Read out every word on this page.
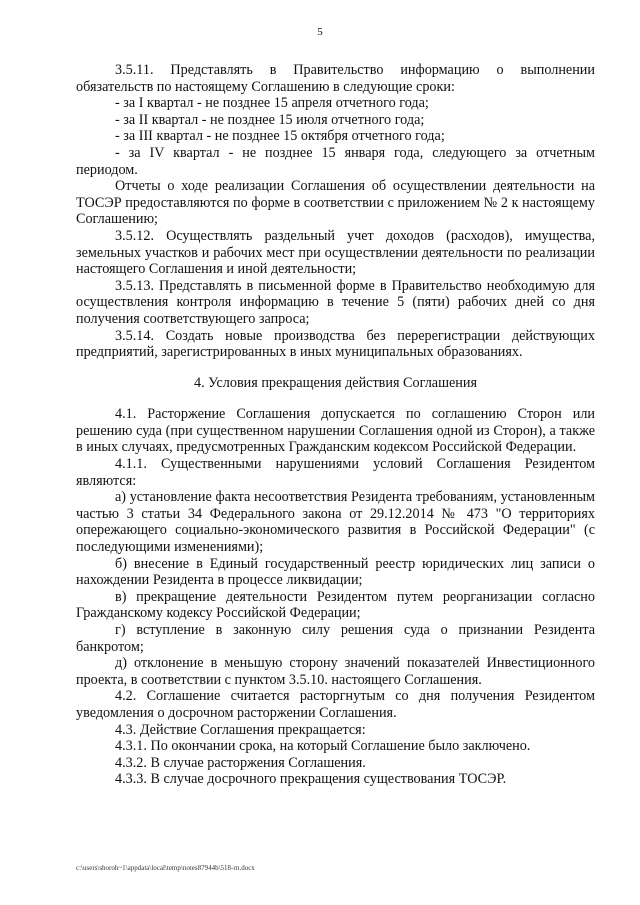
5

3.5.11. Представлять в Правительство информацию о выполнении обязательств по настоящему Соглашению в следующие сроки:

- за I квартал - не позднее 15 апреля отчетного года;

- за II квартал - не позднее 15 июля отчетного года;

- за III квартал - не позднее 15 октября отчетного года;

- за IV квартал - не позднее 15 января года, следующего за отчетным периодом.

Отчеты о ходе реализации Соглашения об осуществлении деятельности на ТОСЭР предоставляются по форме в соответствии с приложением № 2 к настоящему Соглашению;

3.5.12. Осуществлять раздельный учет доходов (расходов), имущества, земельных участков и рабочих мест при осуществлении деятельности по реализации настоящего Соглашения и иной деятельности;

3.5.13. Представлять в письменной форме в Правительство необходимую для осуществления контроля информацию в течение 5 (пяти) рабочих дней со дня получения соответствующего запроса;

3.5.14. Создать новые производства без перерегистрации действующих предприятий, зарегистрированных в иных муниципальных образованиях.

4. Условия прекращения действия Соглашения

4.1. Расторжение Соглашения допускается по соглашению Сторон или решению суда (при существенном нарушении Соглашения одной из Сторон), а также в иных случаях, предусмотренных Гражданским кодексом Российской Федерации.

4.1.1. Существенными нарушениями условий Соглашения Резидентом являются:

а) установление факта несоответствия Резидента требованиям, установленным частью 3 статьи 34 Федерального закона от 29.12.2014 № 473 "О территориях опережающего социально-экономического развития в Российской Федерации" (с последующими изменениями);

б) внесение в Единый государственный реестр юридических лиц записи о нахождении Резидента в процессе ликвидации;

в) прекращение деятельности Резидентом путем реорганизации согласно Гражданскому кодексу Российской Федерации;

г) вступление в законную силу решения суда о признании Резидента банкротом;

д) отклонение в меньшую сторону значений показателей Инвестиционного проекта, в соответствии с пунктом 3.5.10. настоящего Соглашения.

4.2. Соглашение считается расторгнутым со дня получения Резидентом уведомления о досрочном расторжении Соглашения.

4.3. Действие Соглашения прекращается:

4.3.1. По окончании срока, на который Соглашение было заключено.

4.3.2. В случае расторжения Соглашения.

4.3.3. В случае досрочного прекращения существования ТОСЭР.

c:\users\shoroh~1\appdata\local\temp\notes87944b\518-rп.docx
